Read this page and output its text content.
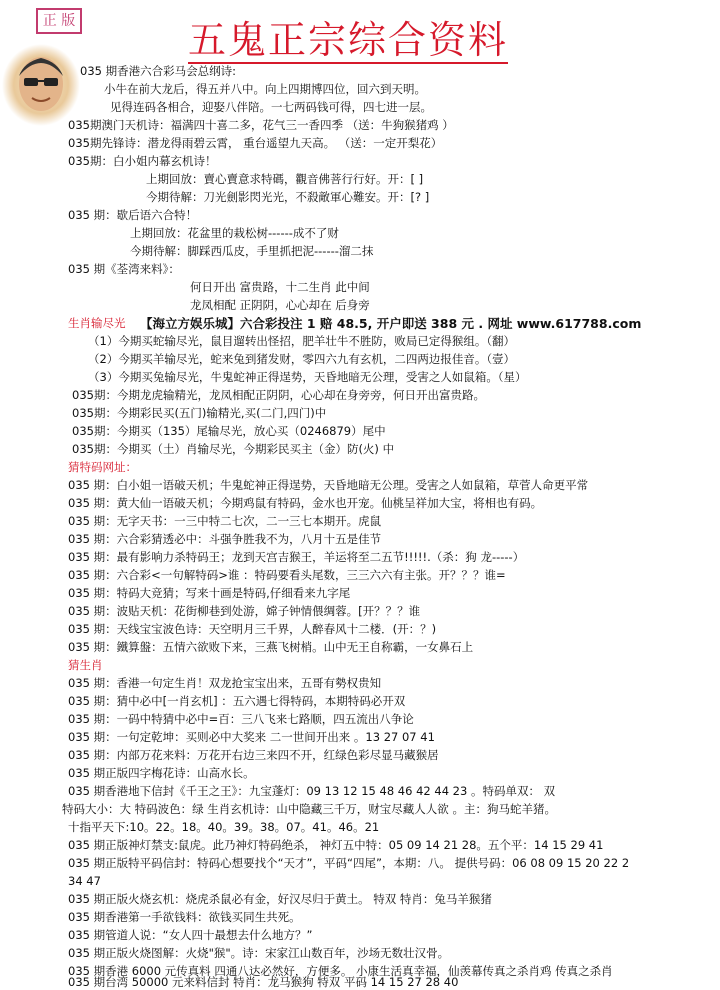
正 版	五鬼正宗综合资料
035 期香港六合彩马会总纲诗:
小牛在前大龙后，得五并八中。向上四期博四位，回六到天明。
见得连码各相合，迎娶八伴陪。一七两码钱可得，四七进一层。
035期澳门天机诗：福满四十喜二多，花气三一香四季 （送：牛狗猴猪鸡 ）
035期先锋诗：潜龙得雨碧云霄， 重台遥望九天高。 （送：一定开梨花）
035期：白小姐内幕玄机诗！
上期回放：賣心賣意求特碼，觀音佛菩行行好。开：[ ]
今期待解：刀光劍影閃光光，不殺敵軍心難安。开：[? ]
035 期：歇后语六合特！
上期回放：花盆里的栽松树------成不了财
今期待解：脚踩西瓜皮，手里抓把泥------溜二抹
035 期《荃湾来料》：
何日开出 富贵路，十二生肖 此中间
龙凤相配 正阴阴，心心却在 后身旁
生肖输尽光 【海立方娱乐城】六合彩投注 1 赔 48.5, 开户即送 388 元 . 网址 www.617788.com
（1）今期买蛇输尽光，鼠目遛转出怪招，肥羊壮牛不胜防，败局已定得猴组。（翻）
（2）今期买羊输尽光，蛇来兔到猪发财，零四六九有玄机，二四两边报佳音。（壹）
（3）今期买兔输尽光，牛鬼蛇神正得逞势，天昏地暗无公理，受害之人如鼠箱。（星）
035期：今期龙虎输精光，龙凤相配正阴阴，心心却在身旁旁，何日开出富贵路。
035期：今期彩民买(五门)输精光,买(二门,四门)中
035期：今期买（135）尾输尽光，放心买（0246879）尾中
035期：今期买（土）肖输尽光，今期彩民买主（金）防(火) 中
猜特码网址：
035 期：白小姐一语破天机；牛鬼蛇神正得逞势，天昏地暗无公理。受害之人如鼠箱，草菅人命更平常
035 期：黄大仙一语破天机；今期鸡鼠有特码，金水也开宠。仙桃呈祥加大宝，将相也有码。
035 期：无字天书：一三中特二七次，二一三七本期开。虎鼠
035 期：六合彩猜透必中：斗强争胜我不为，八月十五是佳节
035 期：最有影响力杀特码王；龙到天宫吉猴王，羊运将至二五节!!!!!.（杀：狗 龙-----）
035 期：六合彩<一句解特码>谁 ：特码要看头尾数，三三六六有主张。开？？？谁=
035 期：特码大竞猜；写来十画是特码,仔细看来九字尾
035 期：波贴天机：花街柳巷到处游，嫦子钟情偎绸蓉。[开？？？谁
035 期：天线宝宝波色诗：天空明月三千界，人醉春风十二楼．(开：？)
035 期：鐵算盤：五情六欲败下来，三燕飞树梢。山中无王自称霸，一女鼻石上
猜生肖
035 期：香港一句定生肖！双龙抢宝宝出来，五哥有勢权贵知
035 期：猜中必中[一肖玄机] ：五六遇七得特码，本期特码必开双
035 期：一码中特猜中必中=百：三八飞来七路顺，四五流出八争论
035 期：一句定乾坤：买则必中大奖来 二一世间开出来 。13 27 07 41
035 期：内部万花来料：万花开右边三来四不开，红绿色彩尽显马藏猴居
035 期正版四字梅花诗：山高水长。
035 期香港地下信封《千王之王》：九宝蓬灯：09 13 12 15 48 46 42 44 23 。特码单双： 双
特码大小：大 特码波色：绿 生肖玄机诗：山中隐藏三千万，财宝尽藏人人欲 。主：狗马蛇羊猪。
十指平天下:10。22。18。40。39。38。07。41。46。21
035 期正版神灯禁支:鼠虎。此乃神灯特码绝杀， 神灯五中特：05 09 14 21 28。五个平：14 15 29 41
035 期正版特平码信封：特码心想要找个“天才”，平码“四尾”，本期：八。 提供号码：06 08 09 15 20 22 2
34 47
035 期正版火烧玄机：烧虎杀鼠必有金，好汉尽归于黄土。 特双 特肖：兔马羊猴猪
035 期香港第一手欲钱料：欲钱买同生共死。
035 期管道人说：“女人四十最想去什么地方？”
035 期正版火烧图解：火烧"猴"。诗：宋家江山数百年，沙场无数壮汉骨。
035 期香港 6000 元传真料 四通八达必然好，方便多。 小康生活真幸福，仙羡幕传真之杀肖鸡 传真之杀肖
035 期台湾 50000 元来料信封 特肖：龙马猴狗 特双 平码 14 15 27 28 40
